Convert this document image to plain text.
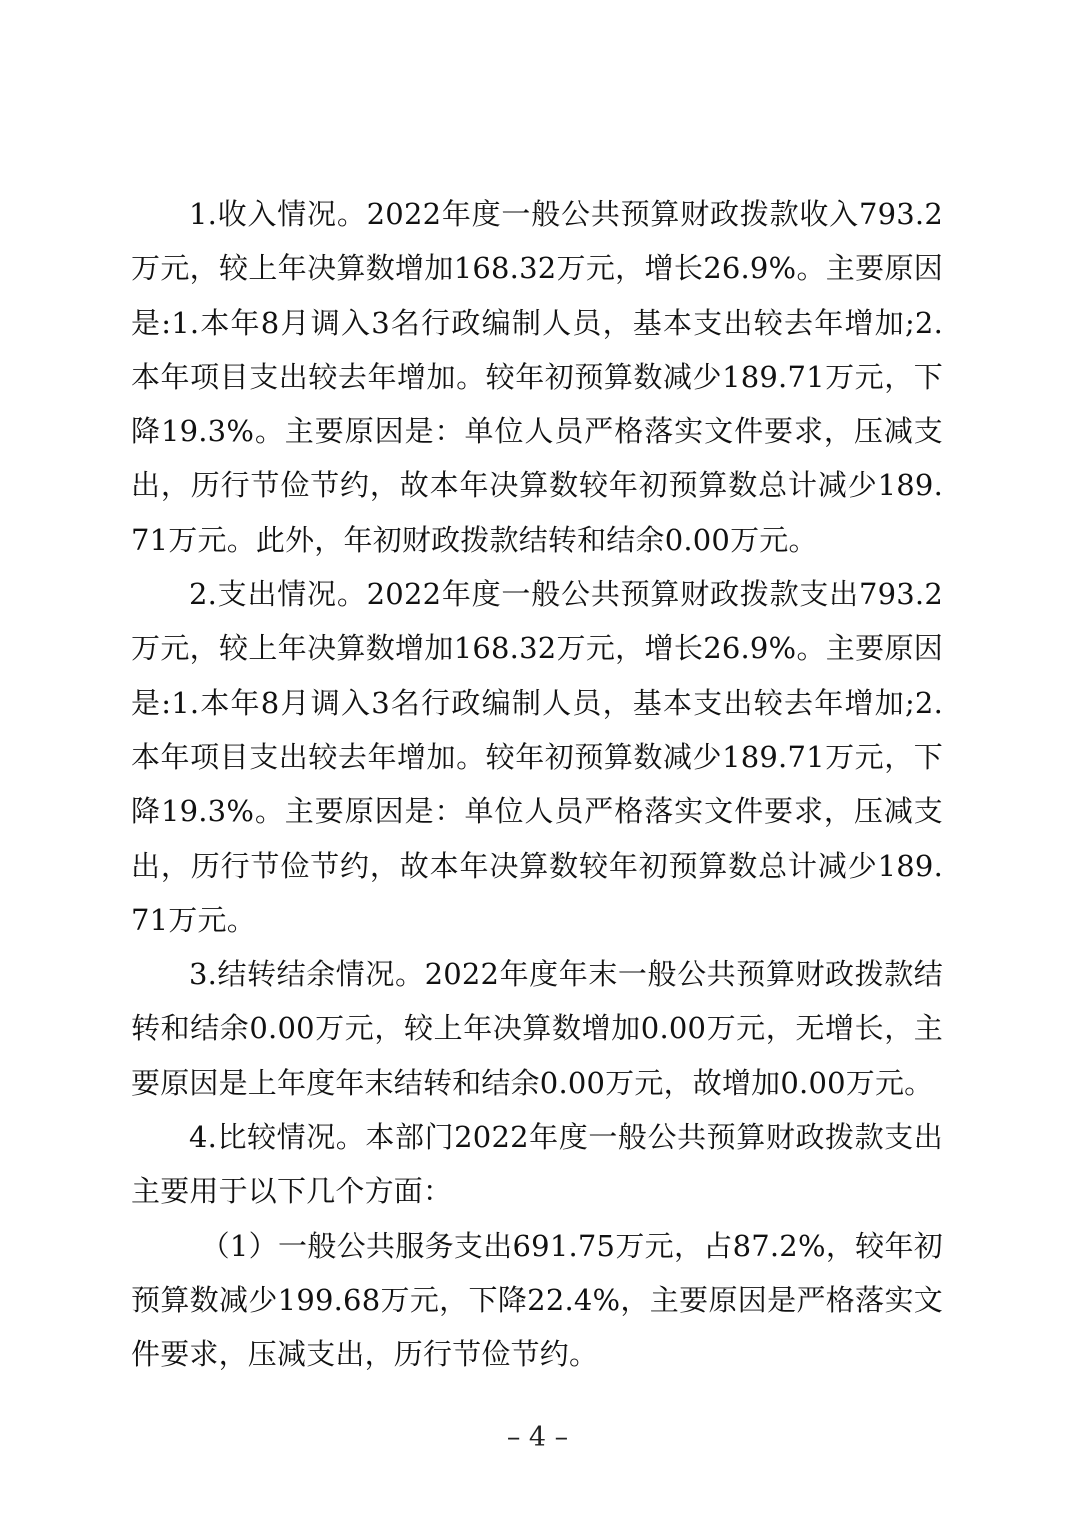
1.收入情况。2022年度一般公共预算财政拨款收入793.2万元，较上年决算数增加168.32万元，增长26.9%。主要原因是:1.本年8月调入3名行政编制人员，基本支出较去年增加;2.本年项目支出较去年增加。较年初预算数减少189.71万元，下降19.3%。主要原因是：单位人员严格落实文件要求，压减支出，历行节俭节约，故本年决算数较年初预算数总计减少189.71万元。此外，年初财政拨款结转和结余0.00万元。

2.支出情况。2022年度一般公共预算财政拨款支出793.2万元，较上年决算数增加168.32万元，增长26.9%。主要原因是:1.本年8月调入3名行政编制人员，基本支出较去年增加;2.本年项目支出较去年增加。较年初预算数减少189.71万元，下降19.3%。主要原因是：单位人员严格落实文件要求，压减支出，历行节俭节约，故本年决算数较年初预算数总计减少189.71万元。

3.结转结余情况。2022年度年末一般公共预算财政拨款结转和结余0.00万元，较上年决算数增加0.00万元，无增长，主要原因是上年度年末结转和结余0.00万元，故增加0.00万元。

4.比较情况。本部门2022年度一般公共预算财政拨款支出主要用于以下几个方面：

（1）一般公共服务支出691.75万元，占87.2%，较年初预算数减少199.68万元，下降22.4%，主要原因是严格落实文件要求，压减支出，历行节俭节约。

– 4 –
